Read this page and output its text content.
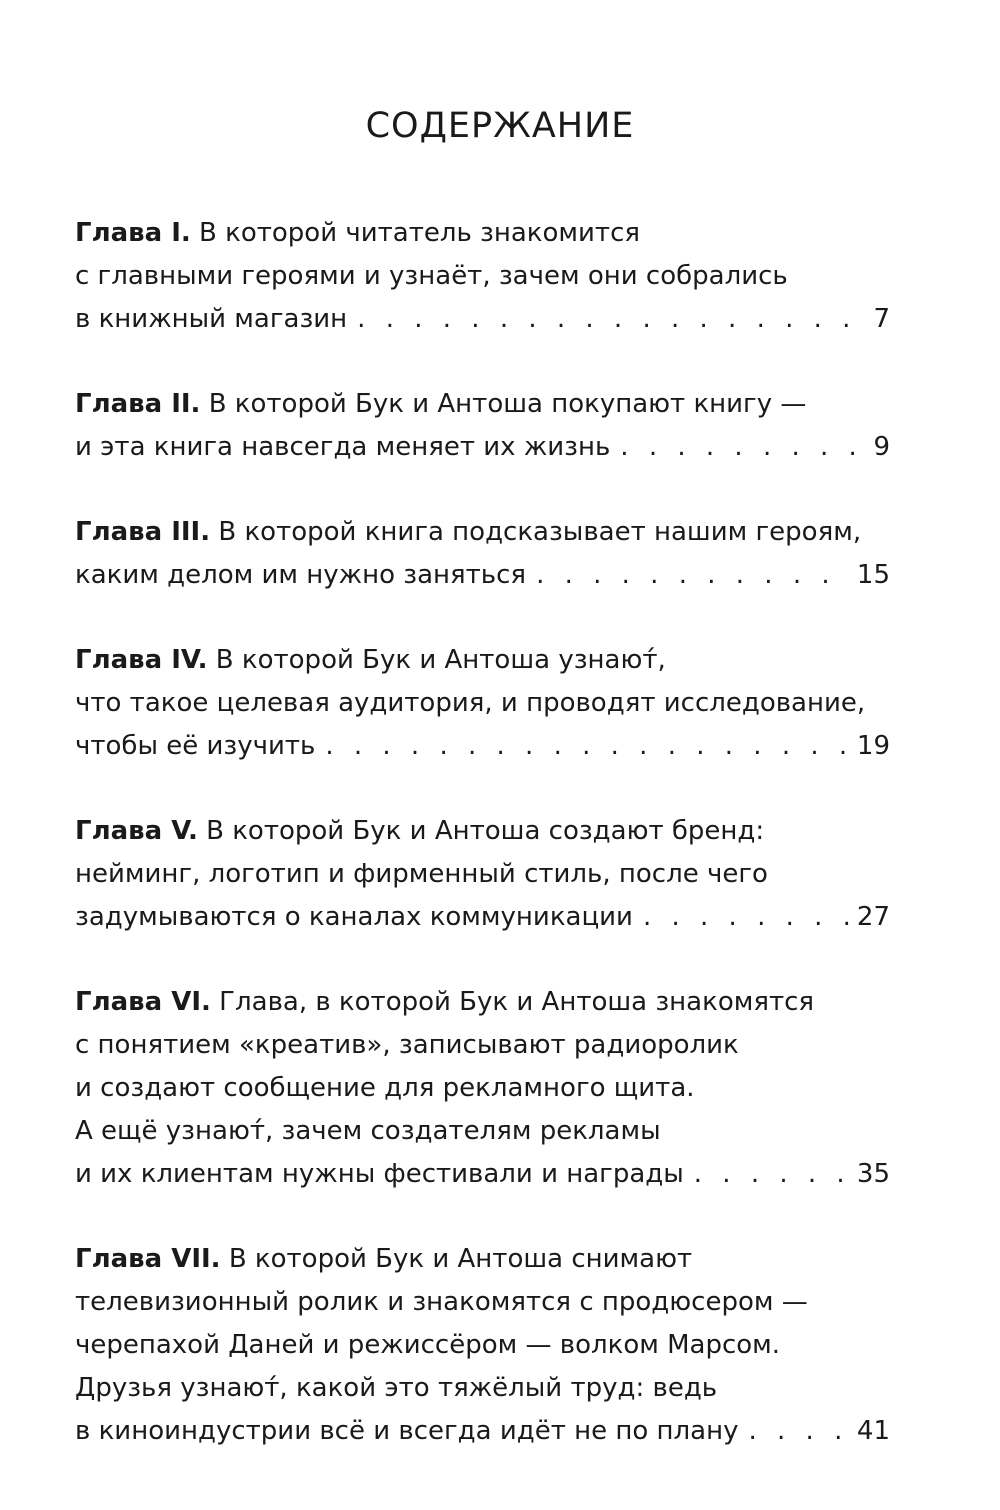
СОДЕРЖАНИЕ
Глава I. В которой читатель знакомится
с главными героями и узнаёт, зачем они собрались
в книжный магазин . . .	7
Глава II. В которой Бук и Антоша покупают книгу —
и эта книга навсегда меняет их жизнь . . .	9
Глава III. В которой книга подсказывает нашим героям,
каким делом им нужно заняться . . .	15
Глава IV. В которой Бук и Антоша узнают́,
что такое целевая аудитория, и проводят исследование,
чтобы её изучить . . .	19
Глава V. В которой Бук и Антоша создают бренд:
нейминг, логотип и фирменный стиль, после чего
задумываются о каналах коммуникации . . .	27
Глава VI. Глава, в которой Бук и Антоша знакомятся
с понятием «креатив», записывают радиоролик
и создают сообщение для рекламного щита.
А ещё узнают́, зачем создателям рекламы
и их клиентам нужны фестивали и награды . . .	35
Глава VII. В которой Бук и Антоша снимают
телевизионный ролик и знакомятся с продюсером —
черепахой Даней и режиссёром — волком Марсом.
Друзья узнают́, какой это тяжёлый труд: ведь
в киноиндустрии всё и всегда идёт не по плану . . .	41
